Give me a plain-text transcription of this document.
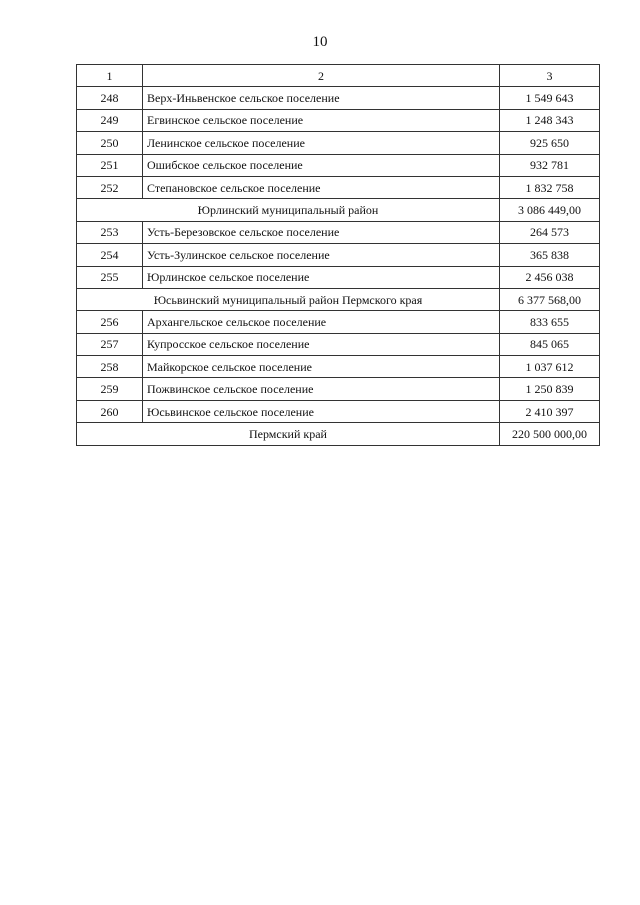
10
1	2	3
248	Верх-Иньвенское сельское поселение	1 549 643
249	Егвинское сельское поселение	1 248 343
250	Ленинское сельское поселение	925 650
251	Ошибское сельское поселение	932 781
252	Степановское сельское поселение	1 832 758
Юрлинский муниципальный район		3 086 449,00
253	Усть-Березовское сельское поселение	264 573
254	Усть-Зулинское сельское поселение	365 838
255	Юрлинское сельское поселение	2 456 038
Юсьвинский муниципальный район Пермского края		6 377 568,00
256	Архангельское сельское поселение	833 655
257	Купросское сельское поселение	845 065
258	Майкорское сельское поселение	1 037 612
259	Пожвинское сельское поселение	1 250 839
260	Юсьвинское сельское поселение	2 410 397
Пермский край		220 500 000,00
